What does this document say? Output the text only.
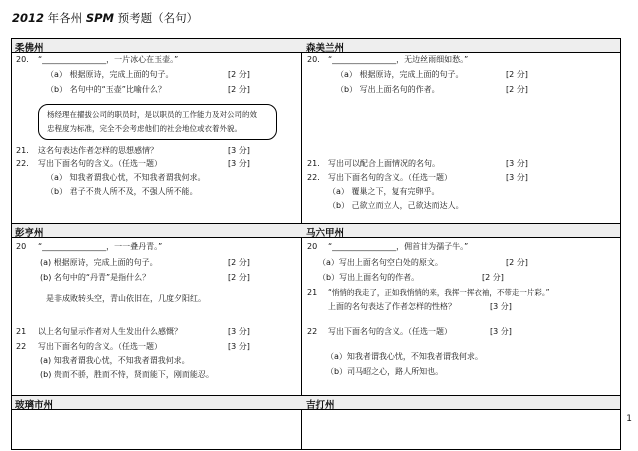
2012 年各州 SPM 预考题（名句）
柔佛州	森美兰州
20. “________________，一片冰心在玉壶。”
（a） 根据原诗，完成上面的句子。	[2 分]
（b） 名句中的“玉壶”比喻什么？	[2 分]
杨经理在擢拔公司的职员时，是以职员的工作能力及对公司的效
忠程度为标准，完全不会考虑他们的社会地位或衣着外貌。
21. 这名句表达作者怎样的思想感情？	[3 分]
22. 写出下面名句的含义。（任选一题）	[3 分]
（a） 知我者谓我心忧，不知我者谓我何求。
（b） 君子不贵人所不及，不强人所不能。
20. “________________，无边丝雨细如愁。”
（a） 根据原诗，完成上面的句子。	[2 分]
（b） 写出上面名句的作者。	[2 分]
21. 写出可以配合上面情况的名句。	[3 分]
22. 写出下面名句的含义。（任选一题）	[3 分]
（a） 覆巢之下，复有完卵乎。
（b） 己欲立而立人，己欲达而达人。
彭亨州	马六甲州
20 “________________，一一叠丹青。”
(a) 根据原诗，完成上面的句子。	[2 分]
(b) 名句中的“丹青”是指什么？	[2 分]
是非成败转头空，青山依旧在，几度夕阳红。
21 以上名句显示作者对人生发出什么感慨？	[3 分]
22 写出下面名句的含义。（任选一题）	[3 分]
(a) 知我者谓我心忧，不知我者谓我何求。
(b) 贵而不骄，胜而不恃，贤而能下，刚而能忍。
20 “________________，佣首甘为孺子牛。”
（a）写出上面名句空白处的原文。	[2 分]
（b）写出上面名句的作者。	[2 分]
21 “悄悄的我走了，正如我悄悄的来，我挥一挥衣袖，不带走一片彩。”
上面的名句表达了作者怎样的性格？	[3 分]
22 写出下面名句的含义。（任选一题）	[3 分]
（a）知我者谓我心忧，不知我者谓我何求。
（b）司马昭之心，路人所知也。
玻璃市州	吉打州
1
